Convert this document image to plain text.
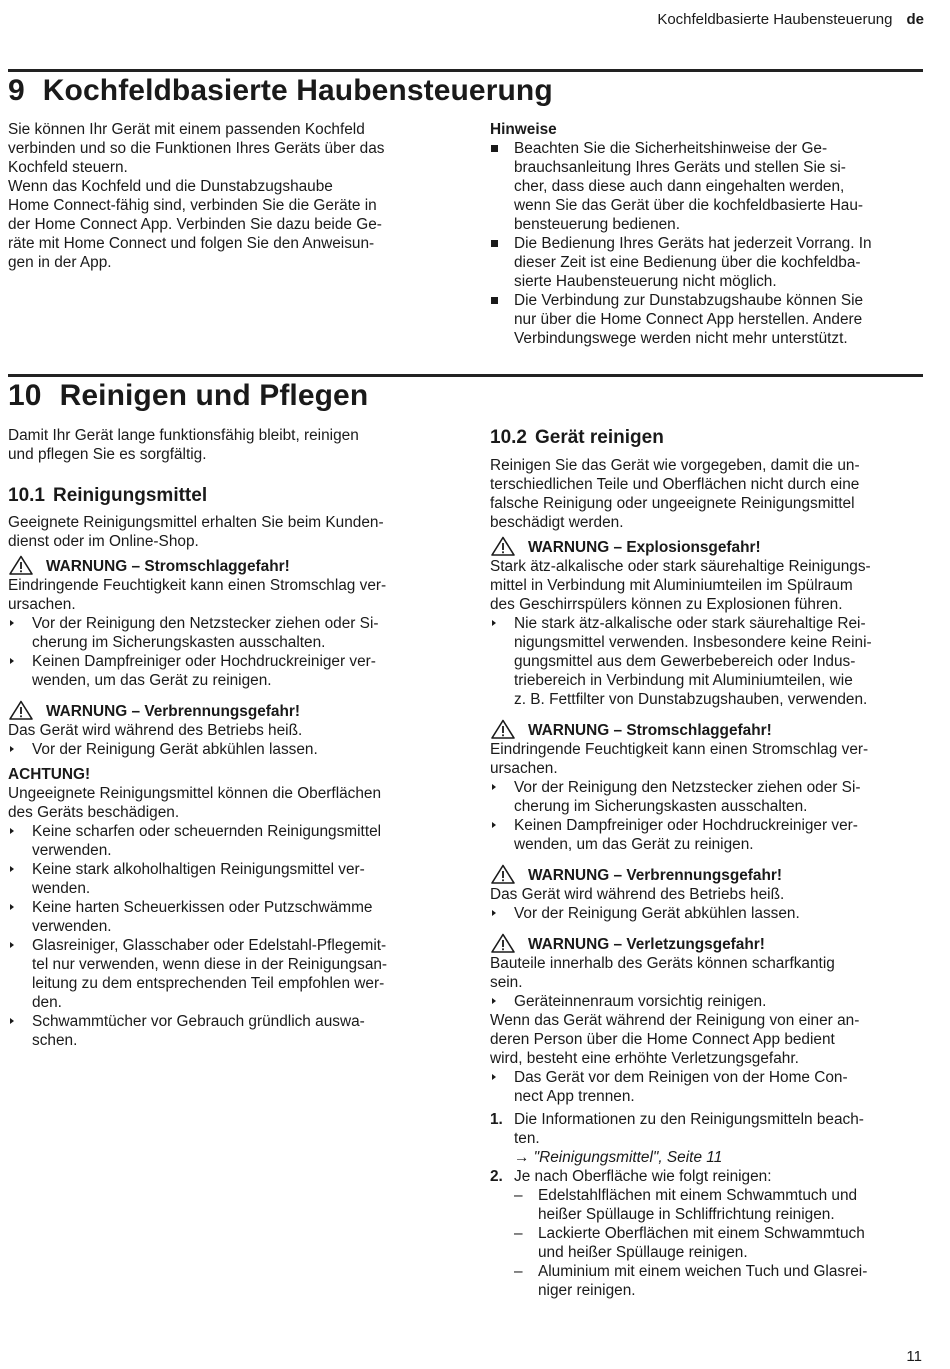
Kochfeldbasierte Haubensteuerung de
9 Kochfeldbasierte Haubensteuerung

Sie können Ihr Gerät mit einem passenden Kochfeld

verbinden und so die Funktionen Ihres Geräts über das

Kochfeld steuern.

Wenn das Kochfeld und die Dunstabzugshaube

Home Connect-fähig sind, verbinden Sie die Geräte in

der Home Connect App. Verbinden Sie dazu beide Ge-

räte mit Home Connect und folgen Sie den Anweisun-

gen in der App.

Hinweise

Beachten Sie die Sicherheitshinweise der Ge-

brauchsanleitung Ihres Geräts und stellen Sie si-

cher, dass diese auch dann eingehalten werden,

wenn Sie das Gerät über die kochfeldbasierte Hau-

bensteuerung bedienen.

Die Bedienung Ihres Geräts hat jederzeit Vorrang. In

dieser Zeit ist eine Bedienung über die kochfeldba-

sierte Haubensteuerung nicht möglich.

Die Verbindung zur Dunstabzugshaube können Sie

nur über die Home Connect App herstellen. Andere

Verbindungswege werden nicht mehr unterstützt.

10 Reinigen und Pflegen

Damit Ihr Gerät lange funktionsfähig bleibt, reinigen

und pflegen Sie es sorgfältig.

10.1 Reinigungsmittel

Geeignete Reinigungsmittel erhalten Sie beim Kunden-

dienst oder im Online-Shop.

WARNUNG – Stromschlaggefahr!

Eindringende Feuchtigkeit kann einen Stromschlag ver-

ursachen.

Vor der Reinigung den Netzstecker ziehen oder Si-

cherung im Sicherungskasten ausschalten.

Keinen Dampfreiniger oder Hochdruckreiniger ver-

wenden, um das Gerät zu reinigen.

WARNUNG – Verbrennungsgefahr!

Das Gerät wird während des Betriebs heiß.

Vor der Reinigung Gerät abkühlen lassen.

ACHTUNG!

Ungeeignete Reinigungsmittel können die Oberflächen

des Geräts beschädigen.

Keine scharfen oder scheuernden Reinigungsmittel

verwenden.

Keine stark alkoholhaltigen Reinigungsmittel ver-

wenden.

Keine harten Scheuerkissen oder Putzschwämme

verwenden.

Glasreiniger, Glasschaber oder Edelstahl-Pflegemit-

tel nur verwenden, wenn diese in der Reinigungsan-

leitung zu dem entsprechenden Teil empfohlen wer-

den.

Schwammtücher vor Gebrauch gründlich auswa-

schen.

10.2 Gerät reinigen

Reinigen Sie das Gerät wie vorgegeben, damit die un-

terschiedlichen Teile und Oberflächen nicht durch eine

falsche Reinigung oder ungeeignete Reinigungsmittel

beschädigt werden.

WARNUNG – Explosionsgefahr!

Stark ätz-alkalische oder stark säurehaltige Reinigungs-

mittel in Verbindung mit Aluminiumteilen im Spülraum

des Geschirrspülers können zu Explosionen führen.

Nie stark ätz-alkalische oder stark säurehaltige Rei-

nigungsmittel verwenden. Insbesondere keine Reini-

gungsmittel aus dem Gewerbebereich oder Indus-

triebereich in Verbindung mit Aluminiumteilen, wie

z. B. Fettfilter von Dunstabzugshauben, verwenden.

WARNUNG – Stromschlaggefahr!

Eindringende Feuchtigkeit kann einen Stromschlag ver-

ursachen.

Vor der Reinigung den Netzstecker ziehen oder Si-

cherung im Sicherungskasten ausschalten.

Keinen Dampfreiniger oder Hochdruckreiniger ver-

wenden, um das Gerät zu reinigen.

WARNUNG – Verbrennungsgefahr!

Das Gerät wird während des Betriebs heiß.

Vor der Reinigung Gerät abkühlen lassen.

WARNUNG – Verletzungsgefahr!

Bauteile innerhalb des Geräts können scharfkantig

sein.

Geräteinnenraum vorsichtig reinigen.

Wenn das Gerät während der Reinigung von einer an-

deren Person über die Home Connect App bedient

wird, besteht eine erhöhte Verletzungsgefahr.

Das Gerät vor dem Reinigen von der Home Con-

nect App trennen.

1. Die Informationen zu den Reinigungsmitteln beach-

ten.

→ "Reinigungsmittel", Seite 11

2. Je nach Oberfläche wie folgt reinigen:

– Edelstahlflächen mit einem Schwammtuch und

heißer Spüllauge in Schliffrichtung reinigen.

– Lackierte Oberflächen mit einem Schwammtuch

und heißer Spüllauge reinigen.

– Aluminium mit einem weichen Tuch und Glasrei-

niger reinigen.

11
